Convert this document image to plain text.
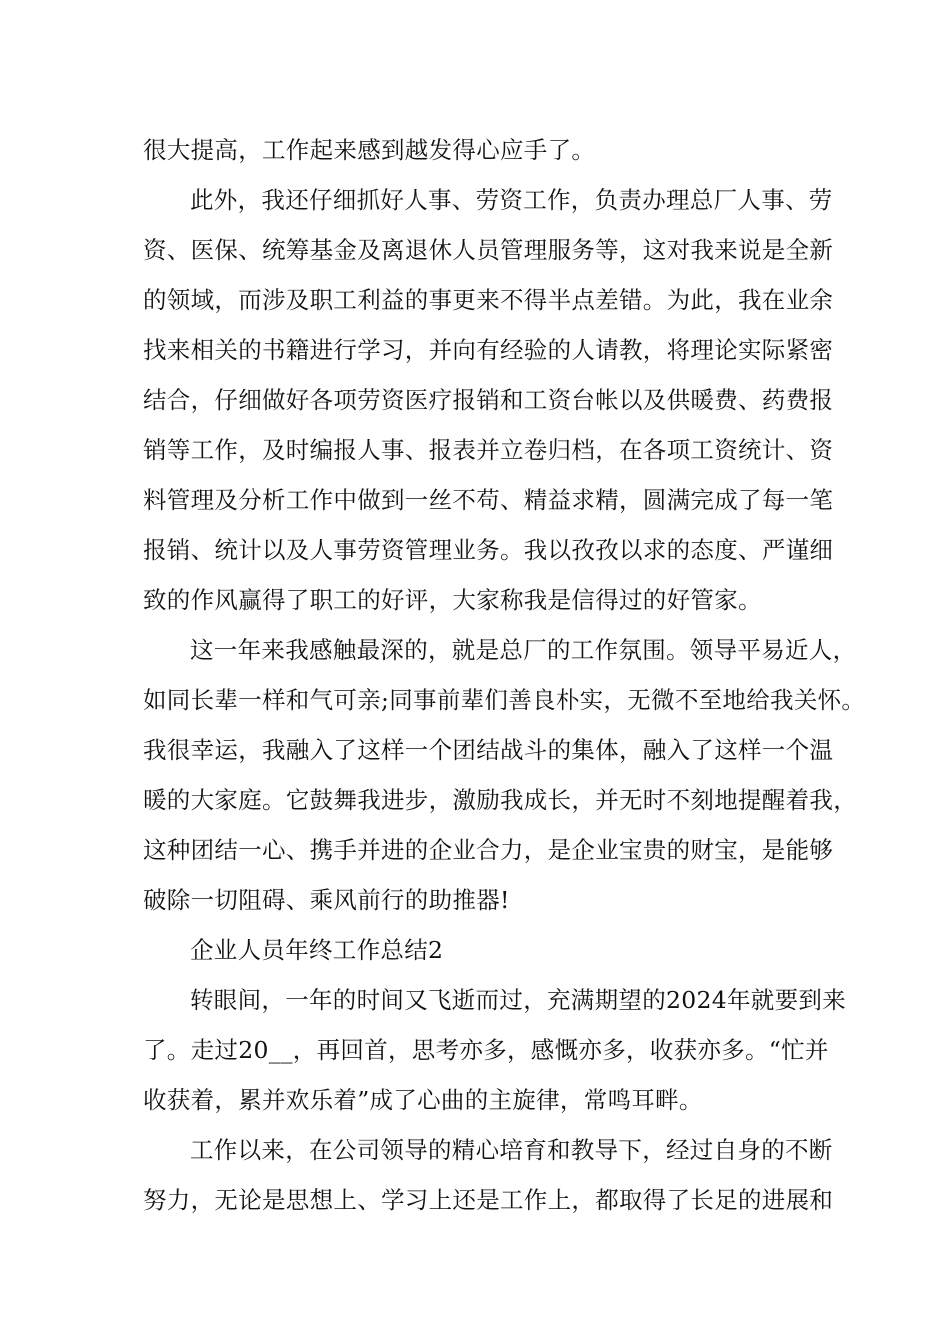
很大提高，工作起来感到越发得心应手了。
此外，我还仔细抓好人事、劳资工作，负责办理总厂人事、劳
资、医保、统筹基金及离退休人员管理服务等，这对我来说是全新
的领域，而涉及职工利益的事更来不得半点差错。为此，我在业余
找来相关的书籍进行学习，并向有经验的人请教，将理论实际紧密
结合，仔细做好各项劳资医疗报销和工资台帐以及供暖费、药费报
销等工作，及时编报人事、报表并立卷归档，在各项工资统计、资
料管理及分析工作中做到一丝不苟、精益求精，圆满完成了每一笔
报销、统计以及人事劳资管理业务。我以孜孜以求的态度、严谨细
致的作风赢得了职工的好评，大家称我是信得过的好管家。
这一年来我感触最深的，就是总厂的工作氛围。领导平易近人，
如同长辈一样和气可亲;同事前辈们善良朴实，无微不至地给我关怀。
我很幸运，我融入了这样一个团结战斗的集体，融入了这样一个温
暖的大家庭。它鼓舞我进步，激励我成长，并无时不刻地提醒着我，
这种团结一心、携手并进的企业合力，是企业宝贵的财宝，是能够
破除一切阻碍、乘风前行的助推器!
企业人员年终工作总结2
转眼间，一年的时间又飞逝而过，充满期望的2024年就要到来
了。走过20__，再回首，思考亦多，感慨亦多，收获亦多。“忙并
收获着，累并欢乐着”成了心曲的主旋律，常鸣耳畔。
工作以来，在公司领导的精心培育和教导下，经过自身的不断
努力，无论是思想上、学习上还是工作上，都取得了长足的进展和
